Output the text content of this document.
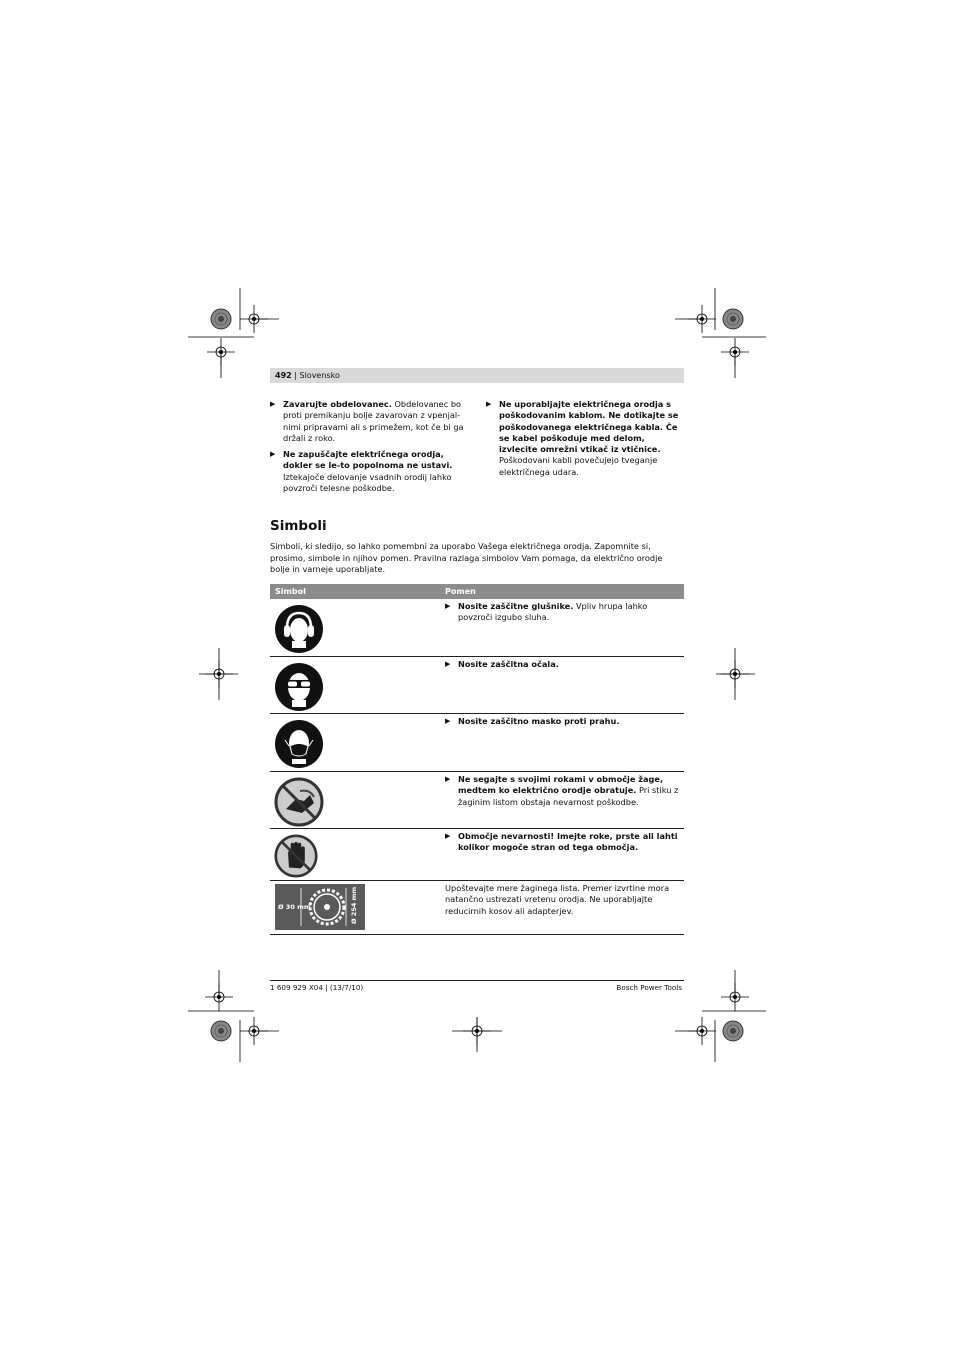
492 | Slovensko
▶ Zavarujte obdelovanec. Obdelovanec bo proti premikanju bolje zavarovan z vpenjal-nimi pripravami ali s primežem, kot če bi ga držali z roko.
▶ Ne zapuščajte električnega orodja, dokler se le-to popolnoma ne ustavi. Iztekajoče delovanje vsadnih orodij lahko povzroči telesne poškodbe.
▶ Ne uporabljajte električnega orodja s poškodovanim kablom. Ne dotikajte se poškodovanega električnega kabla. Če se kabel poškoduje med delom, izvlecite omrežni vtikač iz vtičnice. Poškodovani kabli povečujejo tveganje električnega udara.
Simboli
Simboli, ki sledijo, so lahko pomembni za uporabo Vašega električnega orodja. Zapomnite si, prosimo, simbole in njihov pomen. Pravilna razlaga simbolov Vam pomaga, da električno orodje bolje in varneje uporabljate.
Simbol	Pomen
▶ Nosite zaščitne glušnike. Vpliv hrupa lahko povzroči izgubo sluha.
▶ Nosite zaščitna očala.
▶ Nosite zaščitno masko proti prahu.
▶ Ne segajte s svojimi rokami v območje žage, medtem ko električno orodje obratuje. Pri stiku z žaginim listom obstaja nevarnost poškodbe.
▶ Območje nevarnosti! Imejte roke, prste ali lahti kolikor mogoče stran od tega območja.
Ø 30 mm
Ø 254 mm	Upoštevajte mere žaginega lista. Premer izvrtine mora natančno ustrezati vretenu orodja. Ne uporabljajte reducirnih kosov ali adapterjev.
1 609 929 X04 | (13/7/10)	Bosch Power Tools
